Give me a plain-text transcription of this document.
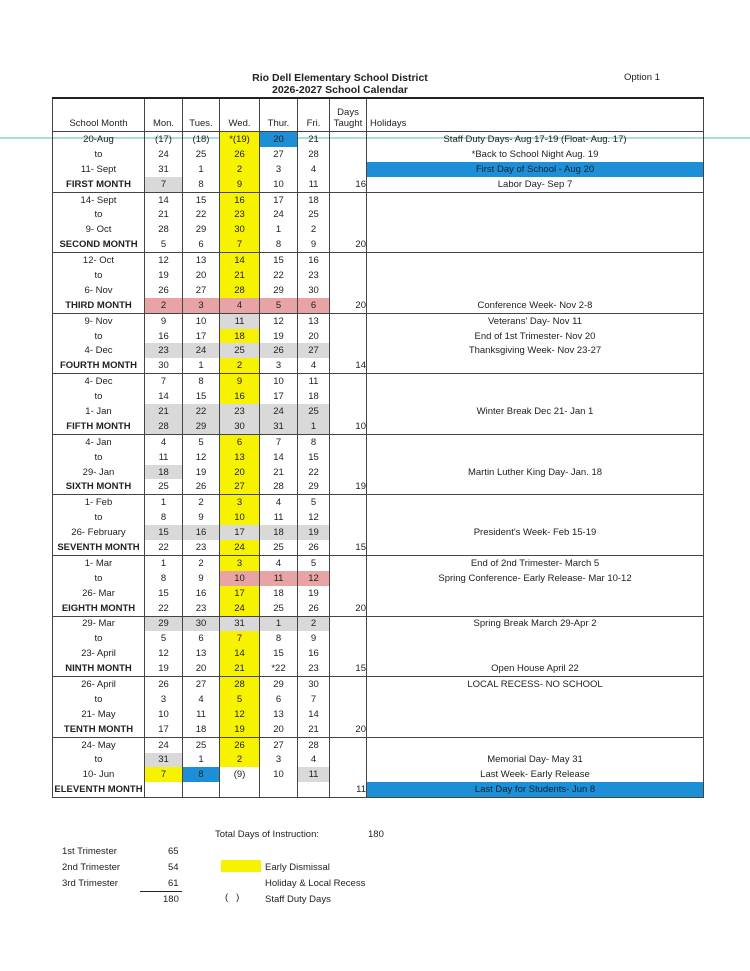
Rio Dell Elementary School District
2026-2027 School Calendar
Option 1
School Month	Mon.	Tues.	Wed.	Thur.	Fri.	Days Taught	Holidays
20-Aug	(17)	(18)	*(19)	20	21		Staff Duty Days- Aug 17-19 (Float- Aug. 17)
to	24	25	26	27	28		*Back to School Night Aug. 19
11- Sept	31	1	2	3	4		First Day of School - Aug 20
FIRST MONTH	7	8	9	10	11	16	Labor Day- Sep 7
14- Sept	14	15	16	17	18		
to	21	22	23	24	25		
9- Oct	28	29	30	1	2		
SECOND MONTH	5	6	7	8	9	20	
12- Oct	12	13	14	15	16		
to	19	20	21	22	23		
6- Nov	26	27	28	29	30		
THIRD MONTH	2	3	4	5	6	20	Conference Week- Nov 2-8
9- Nov	9	10	11	12	13		Veterans' Day- Nov 11
to	16	17	18	19	20		End of 1st Trimester- Nov 20
4- Dec	23	24	25	26	27		Thanksgiving Week- Nov 23-27
FOURTH MONTH	30	1	2	3	4	14	
4- Dec	7	8	9	10	11		
to	14	15	16	17	18		
1- Jan	21	22	23	24	25		Winter Break Dec 21- Jan 1
FIFTH MONTH	28	29	30	31	1	10	
4- Jan	4	5	6	7	8		
to	11	12	13	14	15		
29- Jan	18	19	20	21	22		Martin Luther King Day- Jan. 18
SIXTH MONTH	25	26	27	28	29	19	
1- Feb	1	2	3	4	5		
to	8	9	10	11	12		
26- February	15	16	17	18	19		President's Week- Feb 15-19
SEVENTH MONTH	22	23	24	25	26	15	
1- Mar	1	2	3	4	5		End of 2nd Trimester- March 5
to	8	9	10	11	12		Spring Conference- Early Release- Mar 10-12
26- Mar	15	16	17	18	19		
EIGHTH MONTH	22	23	24	25	26	20	
29- Mar	29	30	31	1	2		Spring Break March 29-Apr 2
to	5	6	7	8	9		
23- April	12	13	14	15	16		
NINTH MONTH	19	20	21	*22	23	15	Open House April 22
26- April	26	27	28	29	30		LOCAL RECESS- NO SCHOOL
to	3	4	5	6	7		
21- May	10	11	12	13	14		
TENTH MONTH	17	18	19	20	21	20	
24- May	24	25	26	27	28		
to	31	1	2	3	4		Memorial Day- May 31
10- Jun	7	8	(9)	10	11		Last Week- Early Release
ELEVENTH MONTH						11	Last Day for Students- Jun 8
Total Days of Instruction:	180
1st Trimester	65
2nd Trimester	54
3rd Trimester	61
180
Early Dismissal
Holiday & Local Recess
(   )	Staff Duty Days
